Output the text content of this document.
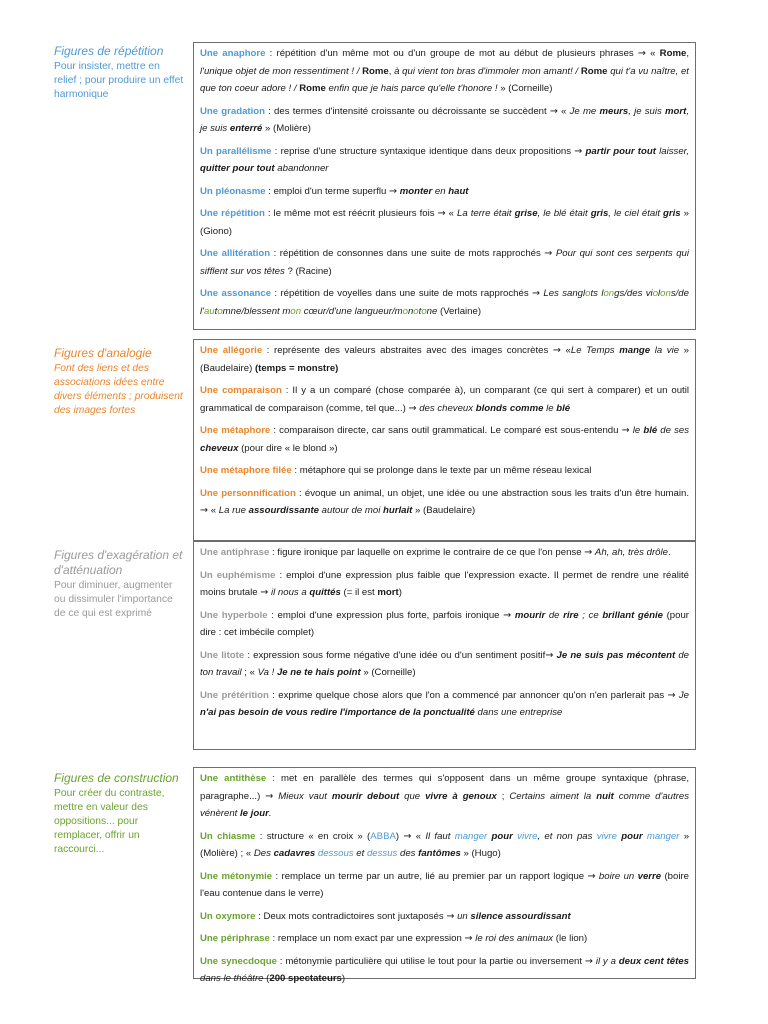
Figures de répétition
Pour insister, mettre en relief ; pour produire un effet harmonique

Une anaphore : répétition d'un même mot ou d'un groupe de mot au début de plusieurs phrases → « Rome, l'unique objet de mon ressentiment ! / Rome, à qui vient ton bras d'immoler mon amant! / Rome qui t'a vu naître, et que ton coeur adore ! / Rome enfin que je hais parce qu'elle t'honore ! » (Corneille)

Une gradation : des termes d'intensité croissante ou décroissante se succèdent → « Je me meurs, je suis mort, je suis enterré » (Molière)

Un parallélisme : reprise d'une structure syntaxique identique dans deux propositions → partir pour tout laisser, quitter pour tout abandonner

Un pléonasme : emploi d'un terme superflu → monter en haut

Une répétition : le même mot est réécrit plusieurs fois → « La terre était grise, le blé était gris, le ciel était gris » (Giono)

Une allitération : répétition de consonnes dans une suite de mots rapprochés → Pour qui sont ces serpents qui sifflent sur vos têtes ? (Racine)

Une assonance : répétition de voyelles dans une suite de mots rapprochés → Les sanglots longs/des violons/de l'automne/blessent mon cœur/d'une langueur/monotone (Verlaine)

Figures d'analogie
Font des liens et des associations idées entre divers éléments ; produisent des images fortes

Une allégorie : représente des valeurs abstraites avec des images concrètes → «Le Temps mange la vie » (Baudelaire) (temps = monstre)

Une comparaison : Il y a un comparé (chose comparée à), un comparant (ce qui sert à comparer) et un outil grammatical de comparaison (comme, tel que...) → des cheveux blonds comme le blé

Une métaphore : comparaison directe, car sans outil grammatical. Le comparé est sous-entendu → le blé de ses cheveux (pour dire « le blond »)

Une métaphore filée : métaphore qui se prolonge dans le texte par un même réseau lexical

Une personnification : évoque un animal, un objet, une idée ou une abstraction sous les traits d'un être humain. → « La rue assourdissante autour de moi hurlait » (Baudelaire)

Figures d'exagération et d'atténuation
Pour diminuer, augmenter ou dissimuler l'importance de ce qui est exprimé

Une antiphrase : figure ironique par laquelle on exprime le contraire de ce que l'on pense → Ah, ah, très drôle.

Un euphémisme : emploi d'une expression plus faible que l'expression exacte. Il permet de rendre une réalité moins brutale → il nous a quittés (= il est mort)

Une hyperbole : emploi d'une expression plus forte, parfois ironique → mourir de rire ; ce brillant génie (pour dire : cet imbécile complet)

Une litote : expression sous forme négative d'une idée ou d'un sentiment positif→ Je ne suis pas mécontent de ton travail ; « Va ! Je ne te hais point » (Corneille)

Une prétérition : exprime quelque chose alors que l'on a commencé par annoncer qu'on n'en parlerait pas → Je n'ai pas besoin de vous redire l'importance de la ponctualité dans une entreprise

Figures de construction
Pour créer du contraste, mettre en valeur des oppositions... pour remplacer, offrir un raccourci...

Une antithèse : met en parallèle des termes qui s'opposent dans un même groupe syntaxique (phrase, paragraphe...) → Mieux vaut mourir debout que vivre à genoux ; Certains aiment la nuit comme d'autres vénèrent le jour.

Un chiasme : structure « en croix » (ABBA) → « Il faut manger pour vivre, et non pas vivre pour manger » (Molière) ; « Des cadavres dessous et dessus des fantômes » (Hugo)

Une métonymie : remplace un terme par un autre, lié au premier par un rapport logique → boire un verre (boire l'eau contenue dans le verre)

Un oxymore : Deux mots contradictoires sont juxtaposés → un silence assourdissant

Une périphrase : remplace un nom exact par une expression → le roi des animaux (le lion)

Une synecdoque : métonymie particulière qui utilise le tout pour la partie ou inversement → il y a deux cent têtes dans le théâtre (200 spectateurs)
